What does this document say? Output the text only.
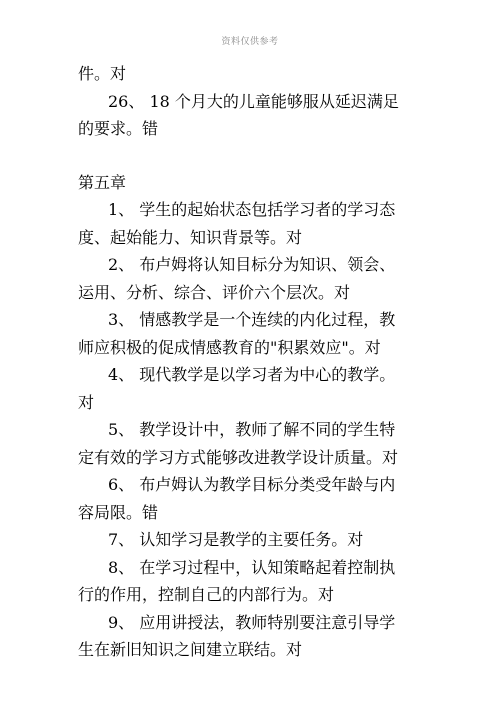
资料仅供参考
件。对
26、 18 个月大的儿童能够服从延迟满足
的要求。错
第五章
1、 学生的起始状态包括学习者的学习态
度、起始能力、知识背景等。对
2、 布卢姆将认知目标分为知识、领会、
运用、分析、综合、评价六个层次。对
3、 情感教学是一个连续的内化过程，教
师应积极的促成情感教育的"积累效应"。对
4、 现代教学是以学习者为中心的教学。
对
5、 教学设计中，教师了解不同的学生特
定有效的学习方式能够改进教学设计质量。对
6、 布卢姆认为教学目标分类受年龄与内
容局限。错
7、 认知学习是教学的主要任务。对
8、 在学习过程中，认知策略起着控制执
行的作用，控制自己的内部行为。对
9、 应用讲授法，教师特别要注意引导学
生在新旧知识之间建立联结。对
